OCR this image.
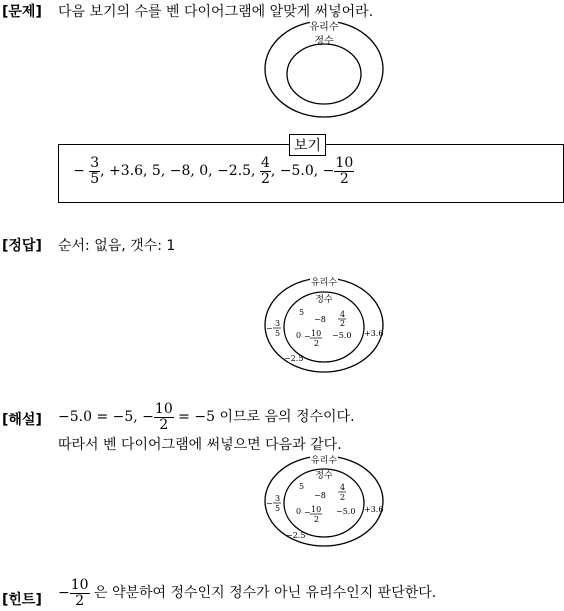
[문제] 다음 보기의 수를 벤 다이어그램에 알맞게 써넣어라.
유리수
정수
보기
− $\frac{3}{5}$ , +3.6, 5, −8, 0, −2.5, $\frac{4}{2}$ , −5.0, − $\frac{10}{2}$
[정답] 순서: 없음, 갯수: 1
유리수
정수
5
−8
4
2
0 − 10
2
−5.0
−
3
5	+3.6
−2.5
[해설] −5.0 = −5, − $\frac{10}{2} = -5$ 이므로 음의 정수이다.
따라서 벤 다이어그램에 써넣으면 다음과 같다.
유리수
정수
5
−8
4
2
0 − 10
2
−5.0
−
3
5	+3.6
−2.5
[힌트] − $\frac{10}{2}$ 은 약분하여 정수인지 정수가 아닌 유리수인지 판단한다.
